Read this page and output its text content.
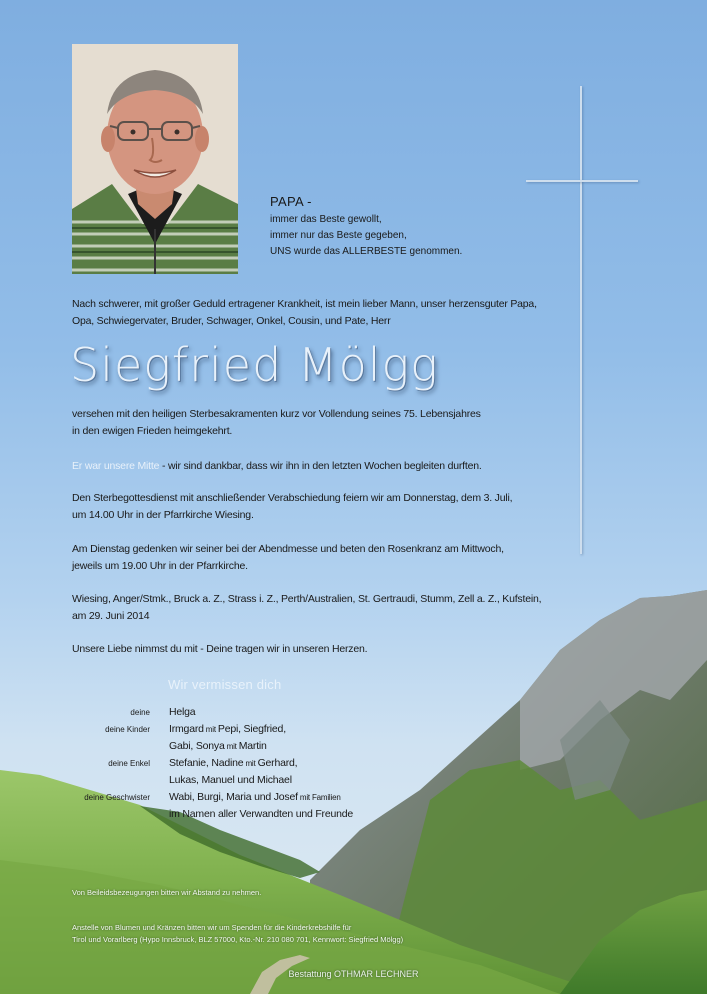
PAPA -
immer das Beste gewollt,
immer nur das Beste gegeben,
UNS wurde das ALLERBESTE genommen.
Nach schwerer, mit großer Geduld ertragener Krankheit, ist mein lieber Mann, unser herzensguter Papa,
Opa, Schwiegervater, Bruder, Schwager, Onkel, Cousin, und Pate, Herr
Siegfried Mölgg
versehen mit den heiligen Sterbesakramenten kurz vor Vollendung seines 75. Lebensjahres
in den ewigen Frieden heimgekehrt.
Er war unsere Mitte - wir sind dankbar, dass wir ihn in den letzten Wochen begleiten durften.
Den Sterbegottesdienst mit anschließender Verabschiedung feiern wir am Donnerstag, dem 3. Juli,
um 14.00 Uhr in der Pfarrkirche Wiesing.
Am Dienstag gedenken wir seiner bei der Abendmesse und beten den Rosenkranz am Mittwoch,
jeweils um 19.00 Uhr in der Pfarrkirche.
Wiesing, Anger/Stmk., Bruck a. Z., Strass i. Z., Perth/Australien, St. Gertraudi, Stumm, Zell a. Z., Kufstein,
am 29. Juni 2014
Unsere Liebe nimmst du mit - Deine tragen wir in unseren Herzen.
Wir vermissen dich
deine Helga
deine Kinder Irmgard mit Pepi, Siegfried,
Gabi, Sonya mit Martin
deine Enkel Stefanie, Nadine mit Gerhard,
Lukas, Manuel und Michael
deine Geschwister Wabi, Burgi, Maria und Josef mit Familien
im Namen aller Verwandten und Freunde
Von Beileidsbezeugungen bitten wir Abstand zu nehmen.
Anstelle von Blumen und Kränzen bitten wir um Spenden für die Kinderkrebshilfe für
Tirol und Vorarlberg (Hypo Innsbruck, BLZ 57000, Kto.-Nr. 210 080 701, Kennwort: Siegfried Mölgg)
Bestattung OTHMAR LECHNER
